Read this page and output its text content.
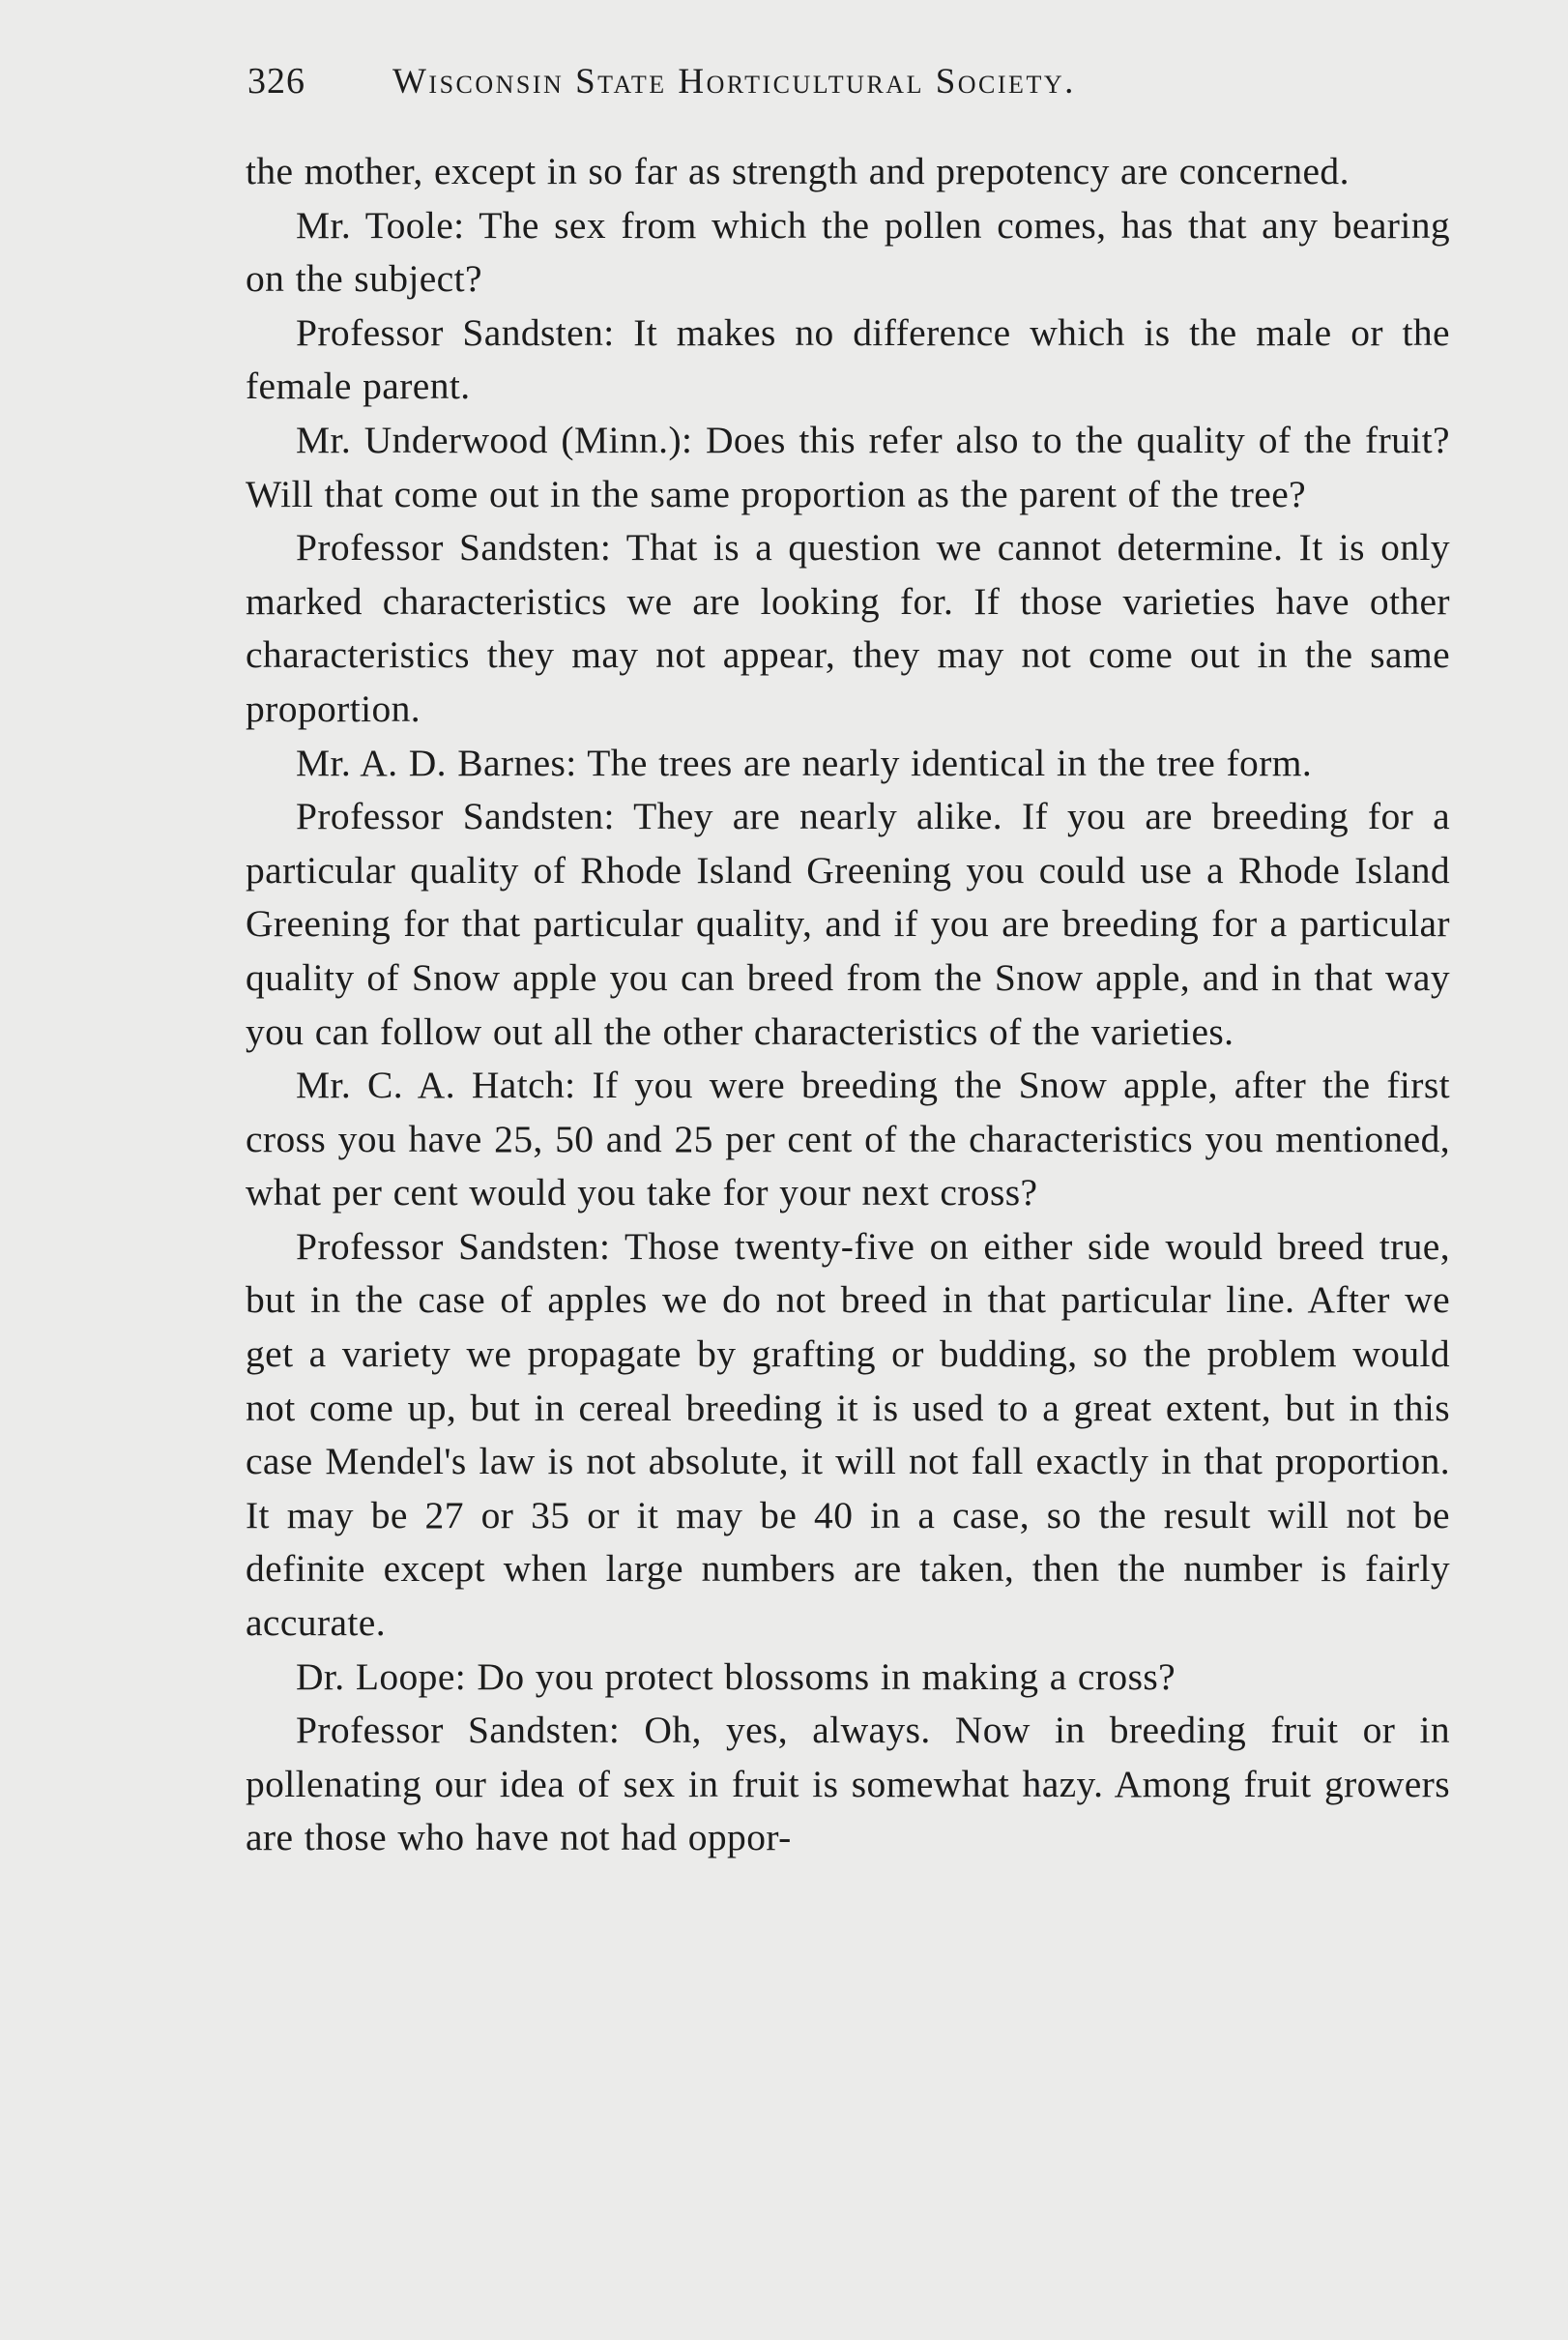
326	Wisconsin State Horticultural Society.

the mother, except in so far as strength and prepotency are concerned.

Mr. Toole: The sex from which the pollen comes, has that any bearing on the subject?

Professor Sandsten: It makes no difference which is the male or the female parent.

Mr. Underwood (Minn.): Does this refer also to the quality of the fruit? Will that come out in the same proportion as the parent of the tree?

Professor Sandsten: That is a question we cannot determine. It is only marked characteristics we are looking for. If those varieties have other characteristics they may not appear, they may not come out in the same proportion.

Mr. A. D. Barnes: The trees are nearly identical in the tree form.

Professor Sandsten: They are nearly alike. If you are breeding for a particular quality of Rhode Island Greening you could use a Rhode Island Greening for that particular quality, and if you are breeding for a particular quality of Snow apple you can breed from the Snow apple, and in that way you can follow out all the other characteristics of the varieties.

Mr. C. A. Hatch: If you were breeding the Snow apple, after the first cross you have 25, 50 and 25 per cent of the characteristics you mentioned, what per cent would you take for your next cross?

Professor Sandsten: Those twenty-five on either side would breed true, but in the case of apples we do not breed in that particular line. After we get a variety we propagate by grafting or budding, so the problem would not come up, but in cereal breeding it is used to a great extent, but in this case Mendel's law is not absolute, it will not fall exactly in that proportion. It may be 27 or 35 or it may be 40 in a case, so the result will not be definite except when large numbers are taken, then the number is fairly accurate.

Dr. Loope: Do you protect blossoms in making a cross?

Professor Sandsten: Oh, yes, always. Now in breeding fruit or in pollenating our idea of sex in fruit is somewhat hazy. Among fruit growers are those who have not had oppor-
